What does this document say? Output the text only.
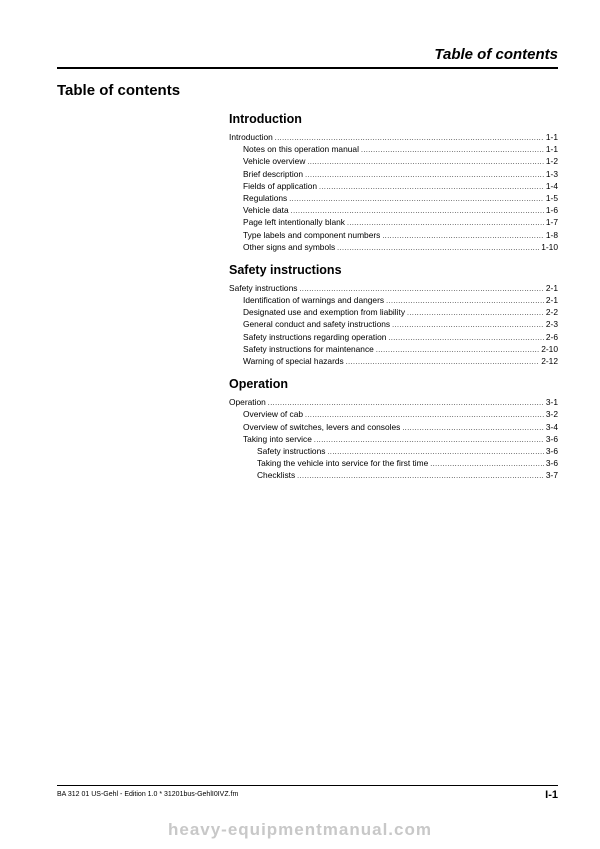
Table of contents
Table of contents
Introduction
Introduction .....	1-1
Notes on this operation manual .....	1-1
Vehicle overview .....	1-2
Brief description .....	1-3
Fields of application .....	1-4
Regulations .....	1-5
Vehicle data .....	1-6
Page left intentionally blank .....	1-7
Type labels and component numbers .....	1-8
Other signs and symbols .....	1-10
Safety instructions
Safety instructions .....	2-1
Identification of warnings and dangers .....	2-1
Designated use and exemption from liability .....	2-2
General conduct and safety instructions .....	2-3
Safety instructions regarding operation .....	2-6
Safety instructions for maintenance .....	2-10
Warning of special hazards .....	2-12
Operation
Operation .....	3-1
Overview of cab .....	3-2
Overview of switches, levers and consoles .....	3-4
Taking into service .....	3-6
Safety instructions .....	3-6
Taking the vehicle into service for the first time .....	3-6
Checklists .....	3-7
BA 312 01 US-Gehl - Edition 1.0 * 31201bus-GehlI0IVZ.fm	I-1
heavy-equipmentmanual.com
